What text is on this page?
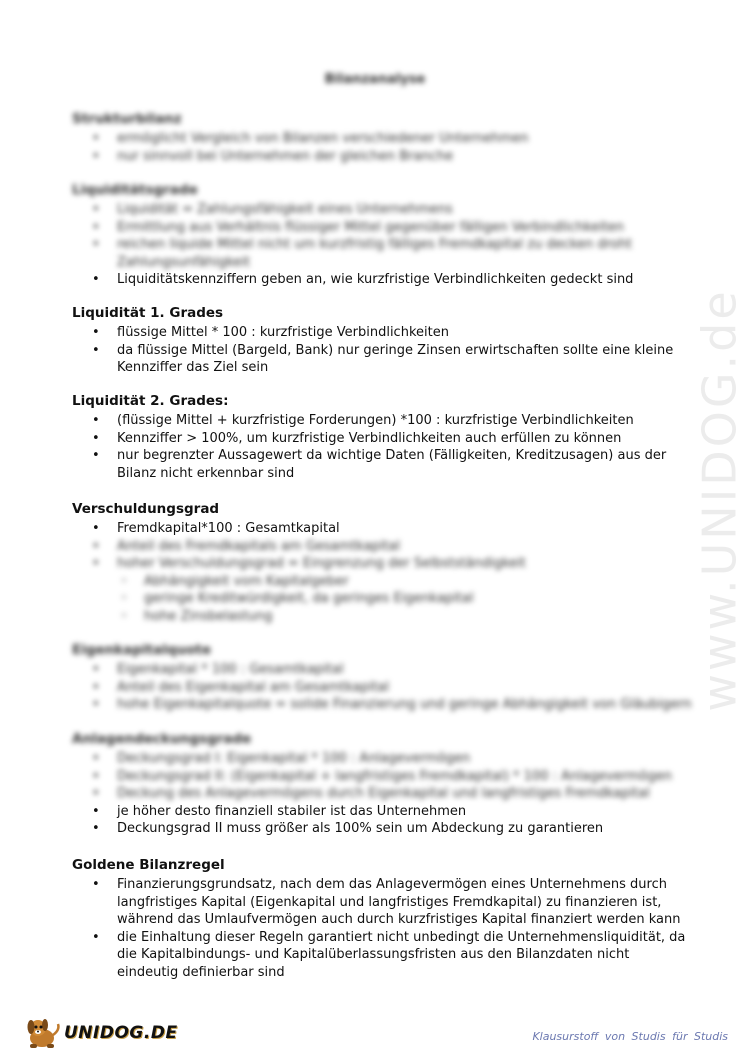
Bilanzanalyse
Strukturbilanz
• ermöglicht Vergleich von Bilanzen verschiedener Unternehmen
• nur sinnvoll bei Unternehmen der gleichen Branche
Liquiditätsgrade
• Liquidität = Zahlungsfähigkeit eines Unternehmens
• Ermittlung aus Verhältnis flüssiger Mittel gegenüber fälligen Verbindlichkeiten
• reichen liquide Mittel nicht um kurzfristig fälliges Fremdkapital zu decken droht Zahlungsunfähigkeit
• Liquiditätskennziffern geben an, wie kurzfristige Verbindlichkeiten gedeckt sind
Liquidität 1. Grades
• flüssige Mittel * 100 : kurzfristige Verbindlichkeiten
• da flüssige Mittel (Bargeld, Bank) nur geringe Zinsen erwirtschaften sollte eine kleine Kennziffer das Ziel sein
Liquidität 2. Grades:
• (flüssige Mittel + kurzfristige Forderungen) *100 : kurzfristige Verbindlichkeiten
• Kennziffer > 100%, um kurzfristige Verbindlichkeiten auch erfüllen zu können
• nur begrenzter Aussagewert da wichtige Daten (Fälligkeiten, Kreditzusagen) aus der Bilanz nicht erkennbar sind
Verschuldungsgrad
• Fremdkapital*100 : Gesamtkapital
• Anteil des Fremdkapitals am Gesamtkapital
• hoher Verschuldungsgrad = Eingrenzung der Selbstständigkeit
◦ Abhängigkeit vom Kapitalgeber
◦ geringe Kreditwürdigkeit, da geringes Eigenkapital
◦ hohe Zinsbelastung
Eigenkapitalquote
• Eigenkapital * 100 : Gesamtkapital
• Anteil des Eigenkapital am Gesamtkapital
• hohe Eigenkapitalquote = solide Finanzierung und geringe Abhängigkeit von Gläubigern
Anlagendeckungsgrade
• Deckungsgrad I: Eigenkapital * 100 : Anlagevermögen
• Deckungsgrad II: (Eigenkapital + langfristiges Fremdkapital) * 100 : Anlagevermögen
• Deckung des Anlagevermögens durch Eigenkapital und langfristiges Fremdkapital
• je höher desto finanziell stabiler ist das Unternehmen
• Deckungsgrad II muss größer als 100% sein um Abdeckung zu garantieren
Goldene Bilanzregel
• Finanzierungsgrundsatz, nach dem das Anlagevermögen eines Unternehmens durch langfristiges Kapital (Eigenkapital und langfristiges Fremdkapital) zu finanzieren ist, während das Umlaufvermögen auch durch kurzfristiges Kapital finanziert werden kann
• die Einhaltung dieser Regeln garantiert nicht unbedingt die Unternehmensliquidität, da die Kapitalbindungs- und Kapitalüberlassungsfristen aus den Bilanzdaten nicht eindeutig definierbar sind
www.UNIDOG.de
UNIDOG.DE	Klausurstoff von Studis für Studis
